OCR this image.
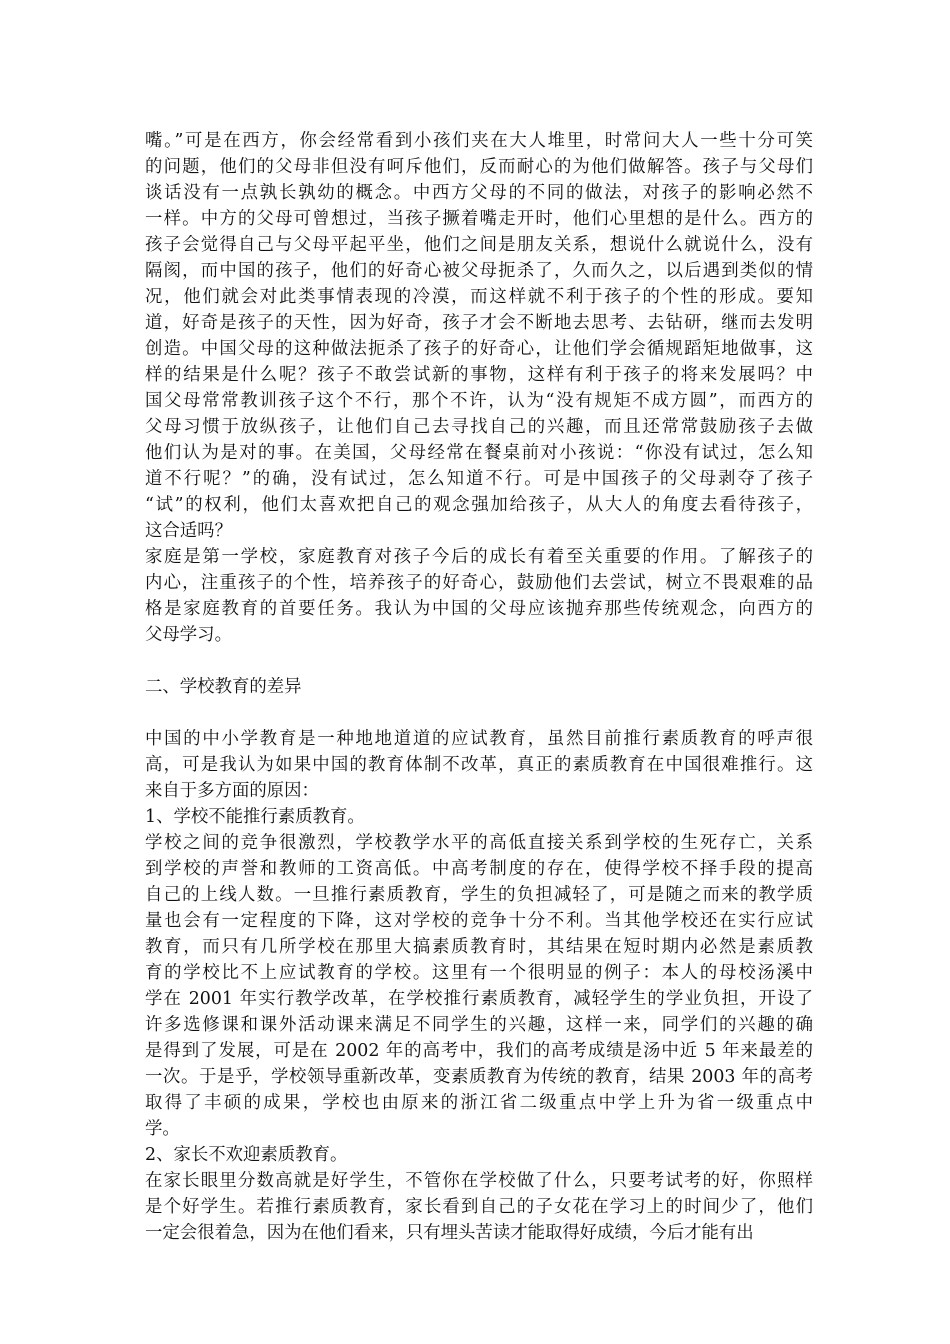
嘴。”可是在西方，你会经常看到小孩们夹在大人堆里，时常问大人一些十分可笑
的问题，他们的父母非但没有呵斥他们，反而耐心的为他们做解答。孩子与父母们
谈话没有一点孰长孰幼的概念。中西方父母的不同的做法，对孩子的影响必然不
一样。中方的父母可曾想过，当孩子撅着嘴走开时，他们心里想的是什么。西方的
孩子会觉得自己与父母平起平坐，他们之间是朋友关系，想说什么就说什么，没有
隔阂，而中国的孩子，他们的好奇心被父母扼杀了，久而久之，以后遇到类似的情
况，他们就会对此类事情表现的冷漠，而这样就不利于孩子的个性的形成。要知
道，好奇是孩子的天性，因为好奇，孩子才会不断地去思考、去钻研，继而去发明
创造。中国父母的这种做法扼杀了孩子的好奇心，让他们学会循规蹈矩地做事，这
样的结果是什么呢？孩子不敢尝试新的事物，这样有利于孩子的将来发展吗？中
国父母常常教训孩子这个不行，那个不许，认为“没有规矩不成方圆”，而西方的
父母习惯于放纵孩子，让他们自己去寻找自己的兴趣，而且还常常鼓励孩子去做
他们认为是对的事。在美国，父母经常在餐桌前对小孩说：“你没有试过，怎么知
道不行呢？”的确，没有试过，怎么知道不行。可是中国孩子的父母剥夺了孩子
“试”的权利，他们太喜欢把自己的观念强加给孩子，从大人的角度去看待孩子，
这合适吗？
家庭是第一学校，家庭教育对孩子今后的成长有着至关重要的作用。了解孩子的
内心，注重孩子的个性，培养孩子的好奇心，鼓励他们去尝试，树立不畏艰难的品
格是家庭教育的首要任务。我认为中国的父母应该抛弃那些传统观念，向西方的
父母学习。
二、学校教育的差异
中国的中小学教育是一种地地道道的应试教育，虽然目前推行素质教育的呼声很
高，可是我认为如果中国的教育体制不改革，真正的素质教育在中国很难推行。这
来自于多方面的原因：
1、学校不能推行素质教育。
学校之间的竞争很激烈，学校教学水平的高低直接关系到学校的生死存亡，关系
到学校的声誉和教师的工资高低。中高考制度的存在，使得学校不择手段的提高
自己的上线人数。一旦推行素质教育，学生的负担减轻了，可是随之而来的教学质
量也会有一定程度的下降，这对学校的竞争十分不利。当其他学校还在实行应试
教育，而只有几所学校在那里大搞素质教育时，其结果在短时期内必然是素质教
育的学校比不上应试教育的学校。这里有一个很明显的例子：本人的母校汤溪中
学在 2001 年实行教学改革，在学校推行素质教育，减轻学生的学业负担，开设了
许多选修课和课外活动课来满足不同学生的兴趣，这样一来，同学们的兴趣的确
是得到了发展，可是在 2002 年的高考中，我们的高考成绩是汤中近 5 年来最差的
一次。于是乎，学校领导重新改革，变素质教育为传统的教育，结果 2003 年的高考
取得了丰硕的成果，学校也由原来的浙江省二级重点中学上升为省一级重点中
学。
2、家长不欢迎素质教育。
在家长眼里分数高就是好学生，不管你在学校做了什么，只要考试考的好，你照样
是个好学生。若推行素质教育，家长看到自己的子女花在学习上的时间少了，他们
一定会很着急，因为在他们看来，只有埋头苦读才能取得好成绩，今后才能有出
